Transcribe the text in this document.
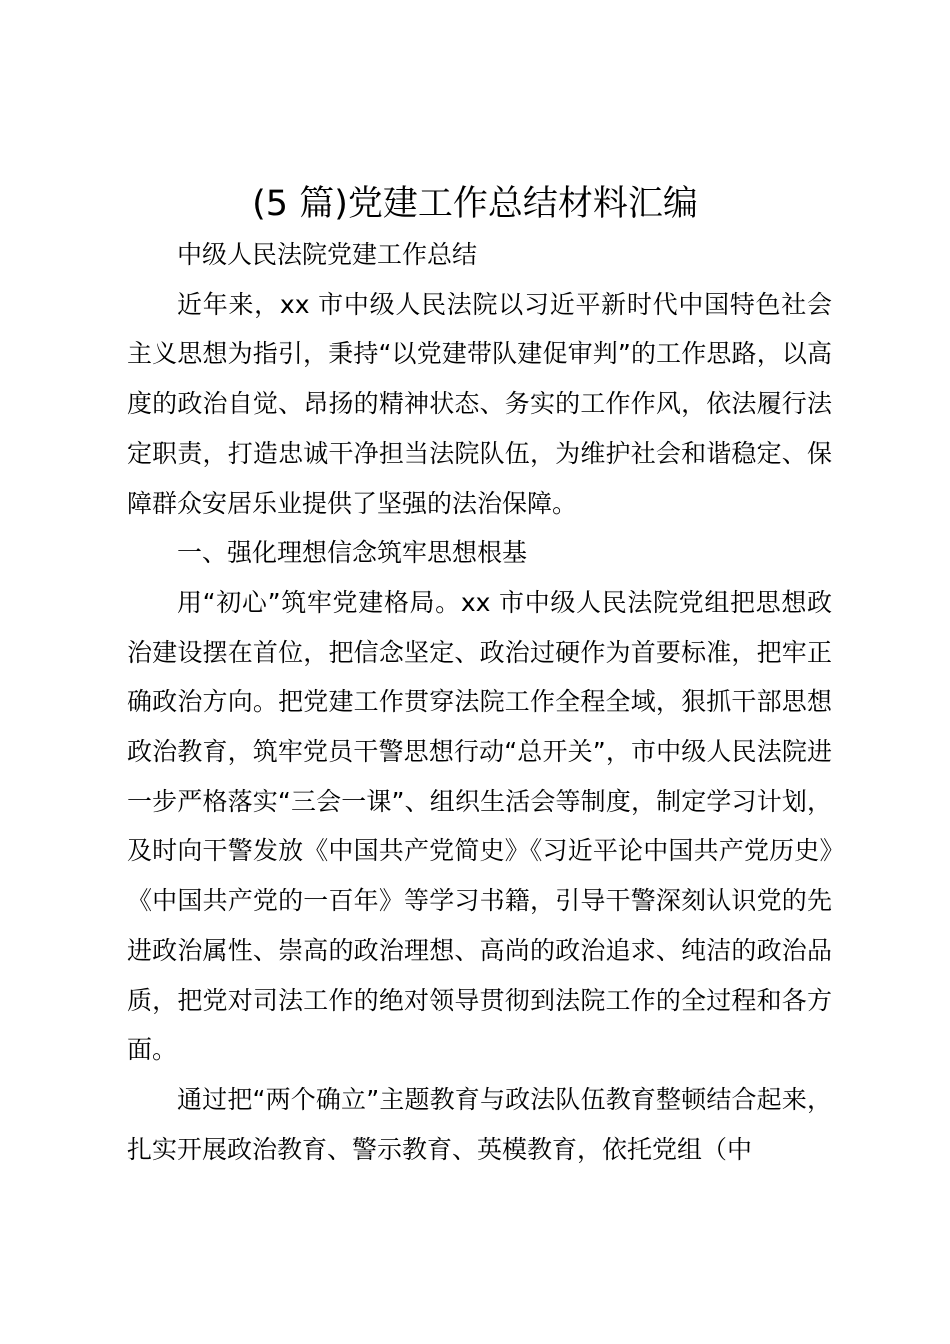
(5 篇)党建工作总结材料汇编

中级人民法院党建工作总结

近年来，xx 市中级人民法院以习近平新时代中国特色社会主义思想为指引，秉持“以党建带队建促审判”的工作思路，以高度的政治自觉、昂扬的精神状态、务实的工作作风，依法履行法定职责，打造忠诚干净担当法院队伍，为维护社会和谐稳定、保障群众安居乐业提供了坚强的法治保障。

一、强化理想信念筑牢思想根基

用“初心”筑牢党建格局。xx 市中级人民法院党组把思想政治建设摆在首位，把信念坚定、政治过硬作为首要标准，把牢正确政治方向。把党建工作贯穿法院工作全程全域，狠抓干部思想政治教育，筑牢党员干警思想行动“总开关”，市中级人民法院进一步严格落实“三会一课”、组织生活会等制度，制定学习计划，及时向干警发放《中国共产党简史》《习近平论中国共产党历史》《中国共产党的一百年》等学习书籍，引导干警深刻认识党的先进政治属性、崇高的政治理想、高尚的政治追求、纯洁的政治品质，把党对司法工作的绝对领导贯彻到法院工作的全过程和各方面。

通过把“两个确立”主题教育与政法队伍教育整顿结合起来，扎实开展政治教育、警示教育、英模教育，依托党组（中
